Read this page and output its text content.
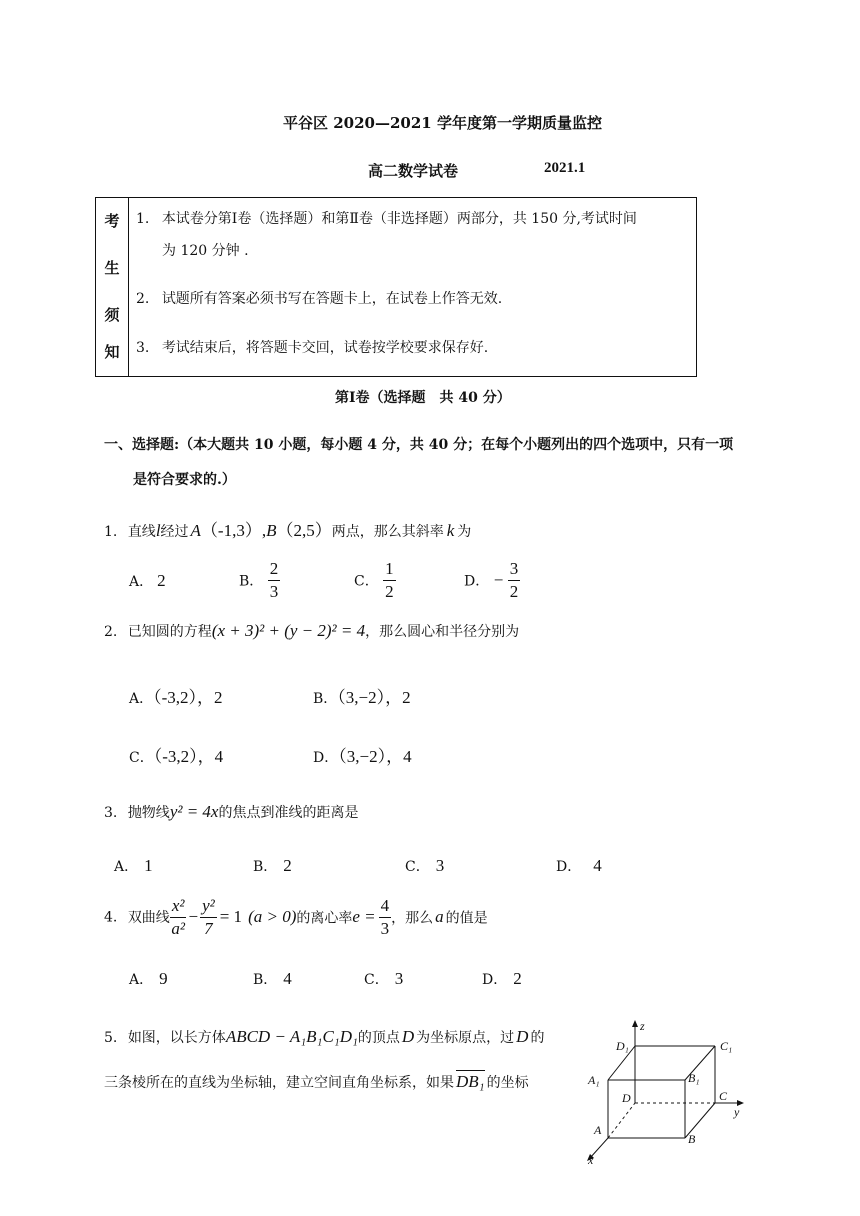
平谷区 2020—2021 学年度第一学期质量监控
高二数学试卷	2021.1
考
生
须
知
1. 本试卷分第Ⅰ卷（选择题）和第Ⅱ卷（非选择题）两部分，共 150 分,考试时间
为 120 分钟 .
2. 试题所有答案必须书写在答题卡上，在试卷上作答无效.
3. 考试结束后，将答题卡交回，试卷按学校要求保存好.
第Ⅰ卷（选择题　共 40 分）
一、选择题:（本大题共 10 小题，每小题 4 分，共 40 分；在每个小题列出的四个选项中，只有一项
是符合要求的.）
1. 直线l经过 A（-1,3）,B（2,5）两点，那么其斜率 k 为
A． 2	B． $\frac{2}{3}$	C． $\frac{1}{2}$	D． − $\frac{3}{2}$
2. 已知圆的方程(x + 3)² + (y − 2)² = 4，那么圆心和半径分别为
A．（-3,2），2	B．（3,−2），2
C．（-3,2），4	D．（3,−2），4
3. 抛物线y² = 4x的焦点到准线的距离是
A． 1	B． 2	C． 3	D． 4
4. 双曲线 $\frac{\text{x²}}{\text{a²}} - \frac{\text{y²}}{7} = 1$ (a > 0)的离心率$e = \frac{4}{3}$ ，那么 a 的值是
A． 9	B． 4	C． 3	D． 2
5. 如图，以长方体ABCD − A₁B₁C₁D₁的顶点 D 为坐标原点，过 D 的
三条棱所在的直线为坐标轴，建立空间直角坐标系，如果 DB₁ 的坐标
z
y
x
D₁	C₁
A₁	B₁
D	C
A
B
